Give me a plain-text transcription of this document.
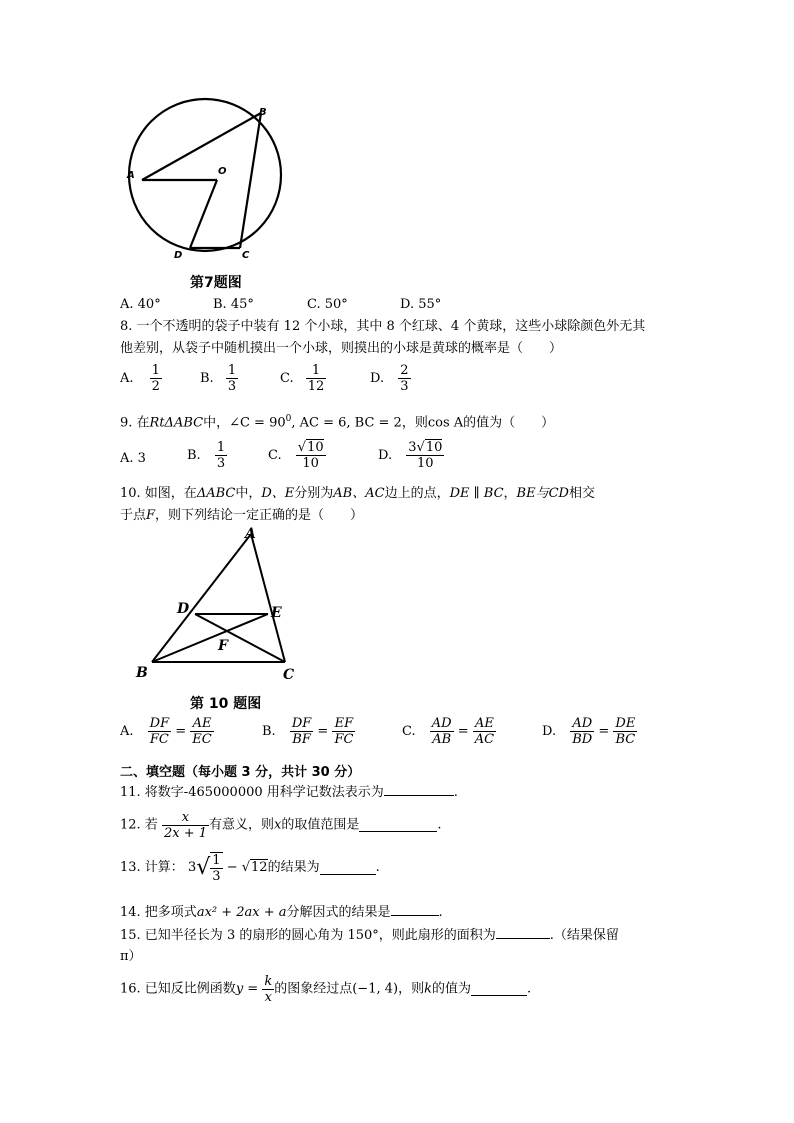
A
B
O
D	C
第7题图
A. 40°	B. 45°	C. 50°	D. 55°
8. 一个不透明的袋子中装有 12 个小球，其中 8 个红球、4 个黄球，这些小球除颜色外无其
他差别，从袋子中随机摸出一个小球，则摸出的小球是黄球的概率是（　　）
A. $\frac{1}{2}$	B. $\frac{1}{3}$	C. $\frac{1}{12}$	D. $\frac{2}{3}$
9. 在RtΔABC中，∠C = $90^0$, AC = 6, BC = 2，则cos A的值为（　　）
A. 3	B. $\frac{1}{3}$	C. $\frac{√10}{10}$	D. $\frac{3√10}{10}$
10. 如图，在ΔABC中，D、E分别为AB、AC边上的点，DE ∥ BC，BE与CD相交
于点F，则下列结论一定正确的是（　　）
A
D	E
F
B	C
第 10 题图
A. $\frac{DF}{FC} = \frac{AE}{EC}$	B. $\frac{DF}{BF} = \frac{EF}{FC}$	C. $\frac{AD}{AB} = \frac{AE}{AC}$	D. $\frac{AD}{BD} = \frac{DE}{BC}$
二、填空题（每小题 3 分，共计 30 分）
11. 将数字-465000000 用科学记数法表示为	.
12. 若 $\frac{x}{2x + 1}$ 有意义，则x的取值范围是	.
13. 计算： $3√ \frac{1}{3} - √12$的结果为	.
14. 把多项式ax² + 2ax + a分解因式的结果是	.
15. 已知半径长为 3 的扇形的圆心角为 150°，则此扇形的面积为	.（结果保留
π）
16. 已知反比例函数$y = \frac{k}{x}$ 的图象经过点(−1, 4)，则k的值为	.
